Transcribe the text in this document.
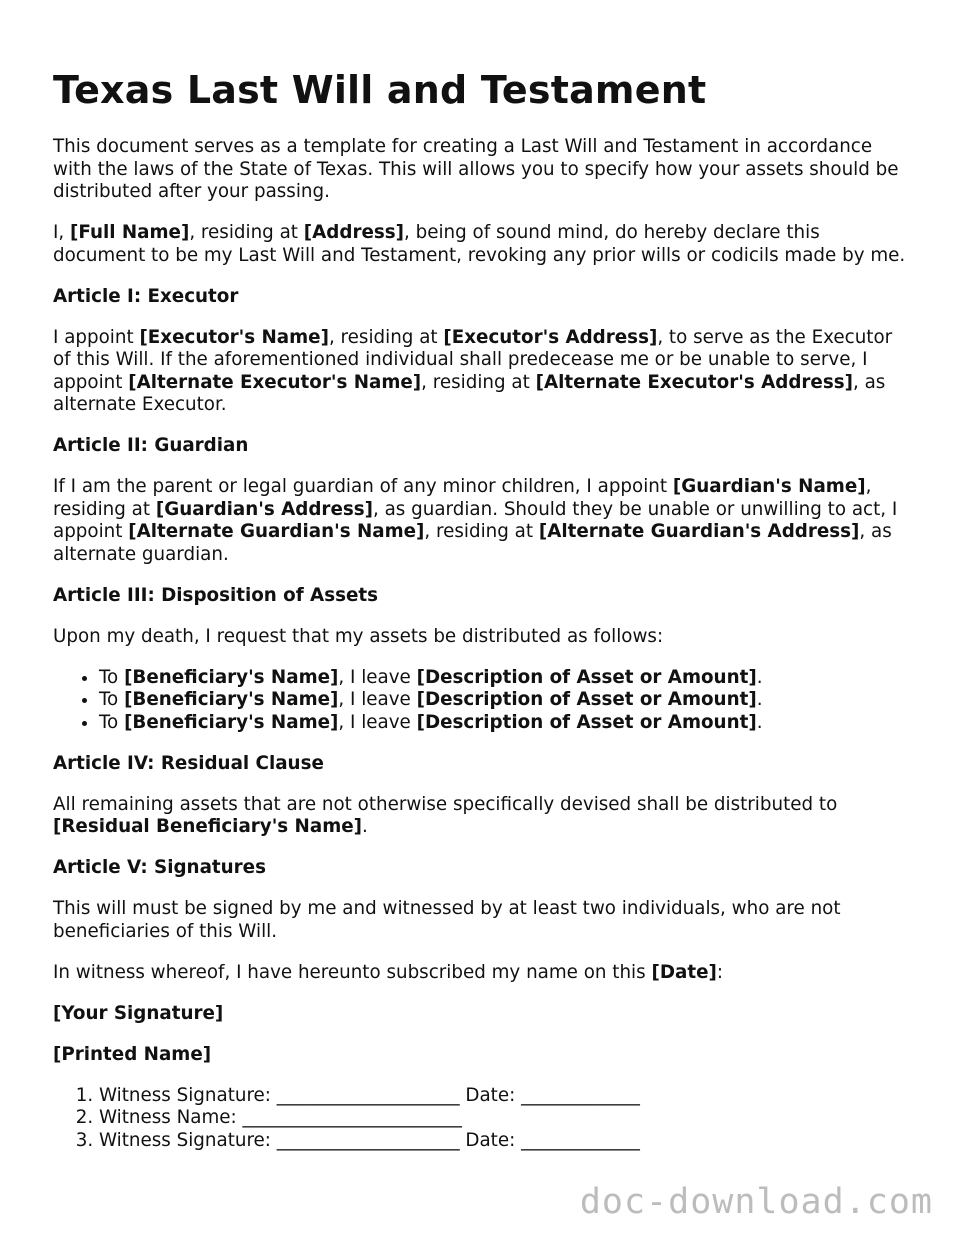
Texas Last Will and Testament

This document serves as a template for creating a Last Will and Testament in accordance with the laws of the State of Texas. This will allows you to specify how your assets should be distributed after your passing.

I, [Full Name], residing at [Address], being of sound mind, do hereby declare this document to be my Last Will and Testament, revoking any prior wills or codicils made by me.

Article I: Executor

I appoint [Executor's Name], residing at [Executor's Address], to serve as the Executor of this Will. If the aforementioned individual shall predecease me or be unable to serve, I appoint [Alternate Executor's Name], residing at [Alternate Executor's Address], as alternate Executor.

Article II: Guardian

If I am the parent or legal guardian of any minor children, I appoint [Guardian's Name], residing at [Guardian's Address], as guardian. Should they be unable or unwilling to act, I appoint [Alternate Guardian's Name], residing at [Alternate Guardian's Address], as alternate guardian.

Article III: Disposition of Assets

Upon my death, I request that my assets be distributed as follows:

• To [Beneficiary's Name], I leave [Description of Asset or Amount].
• To [Beneficiary's Name], I leave [Description of Asset or Amount].
• To [Beneficiary's Name], I leave [Description of Asset or Amount].
Article IV: Residual Clause

All remaining assets that are not otherwise specifically devised shall be distributed to [Residual Beneficiary's Name].

Article V: Signatures

This will must be signed by me and witnessed by at least two individuals, who are not beneficiaries of this Will.

In witness whereof, I have hereunto subscribed my name on this [Date]:

[Your Signature]
[Printed Name]
1. Witness Signature: ____________________ Date: _____________
2. Witness Name: ________________________
3. Witness Signature: ____________________ Date: _____________
doc-download.com
